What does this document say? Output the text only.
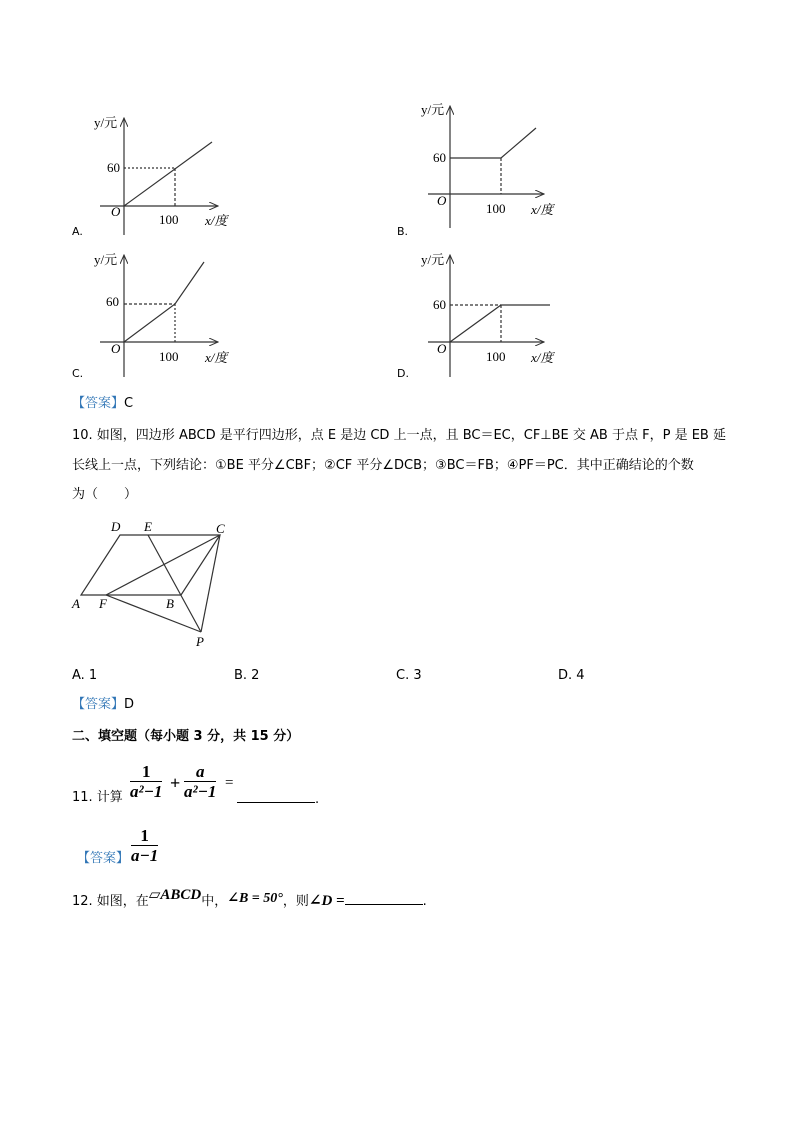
y/元
60
O
100 x/度
A.
y/元
60
O
100 x/度
B.
y/元
60
O
100 x/度
C.
y/元
60
O
100 x/度
D.
【答案】C
10. 如图，四边形 ABCD 是平行四边形，点 E 是边 CD 上一点，且 BC＝EC，CF⊥BE 交 AB 于点 F，P 是 EB 延
长线上一点，下列结论：①BE 平分∠CBF；②CF 平分∠DCB；③BC＝FB；④PF＝PC．其中正确结论的个数
为（　　）
D E	C
A F	B
P
A. 1	B. 2	C. 3	D. 4
【答案】D
二、填空题（每小题 3 分，共 15 分）
11. 计算
1
a²−1 +
a
a²−1 =
.
【答案】
1
a−1
12. 如图，在▱ABCD中，∠B = 50°，则∠D =	.
